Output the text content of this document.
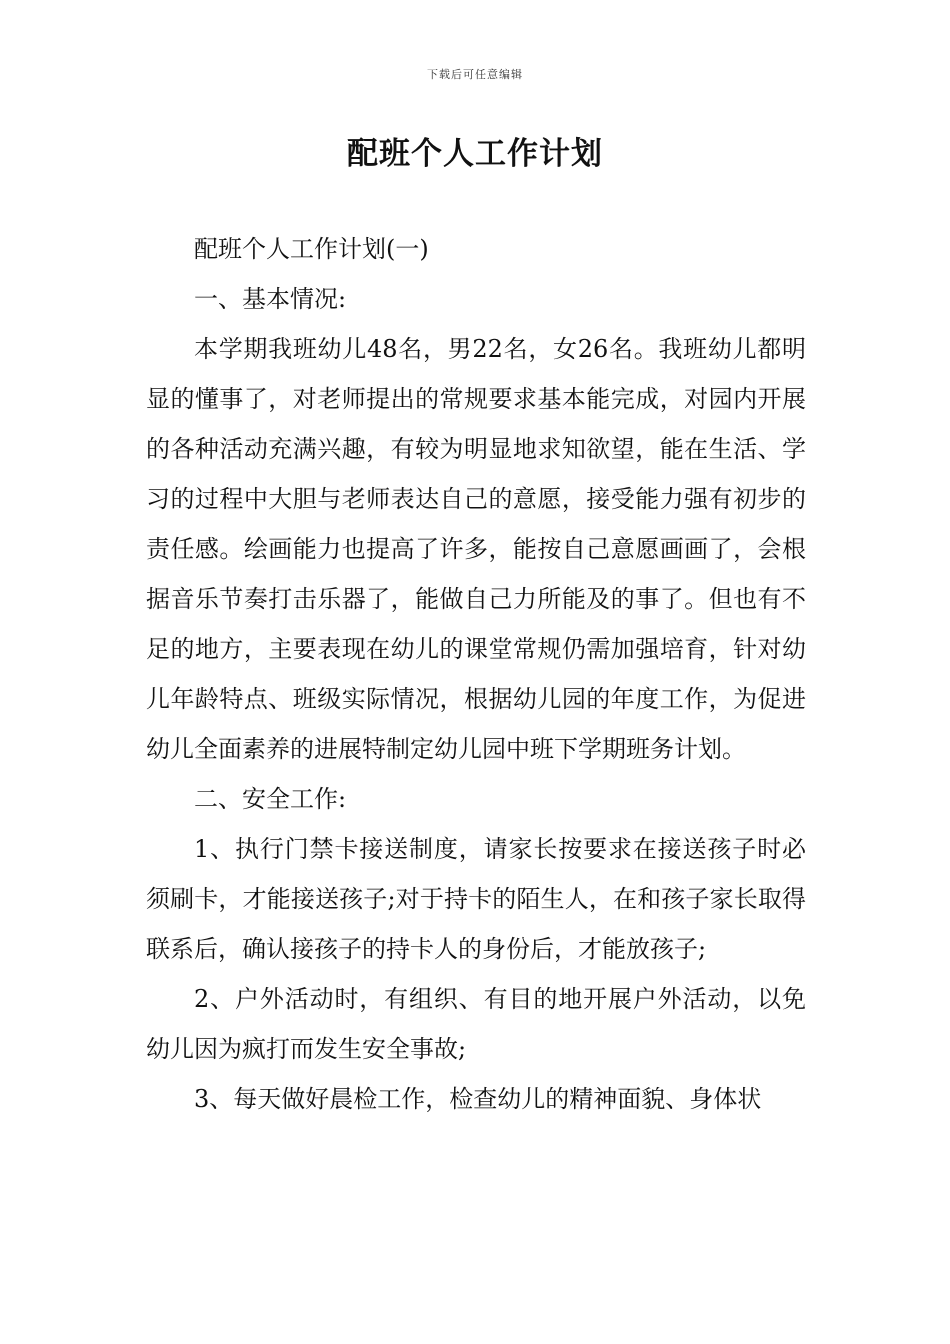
下载后可任意编辑
配班个人工作计划

配班个人工作计划(一)

一、基本情况:

本学期我班幼儿48名，男22名，女26名。我班幼儿都明显的懂事了，对老师提出的常规要求基本能完成，对园内开展的各种活动充满兴趣，有较为明显地求知欲望，能在生活、学习的过程中大胆与老师表达自己的意愿，接受能力强有初步的责任感。绘画能力也提高了许多，能按自己意愿画画了，会根据音乐节奏打击乐器了，能做自己力所能及的事了。但也有不足的地方，主要表现在幼儿的课堂常规仍需加强培育，针对幼儿年龄特点、班级实际情况，根据幼儿园的年度工作，为促进幼儿全面素养的进展特制定幼儿园中班下学期班务计划。

二、安全工作:

1、执行门禁卡接送制度，请家长按要求在接送孩子时必须刷卡，才能接送孩子;对于持卡的陌生人，在和孩子家长取得联系后，确认接孩子的持卡人的身份后，才能放孩子;

2、户外活动时，有组织、有目的地开展户外活动，以免幼儿因为疯打而发生安全事故;

3、每天做好晨检工作，检查幼儿的精神面貌、身体状
